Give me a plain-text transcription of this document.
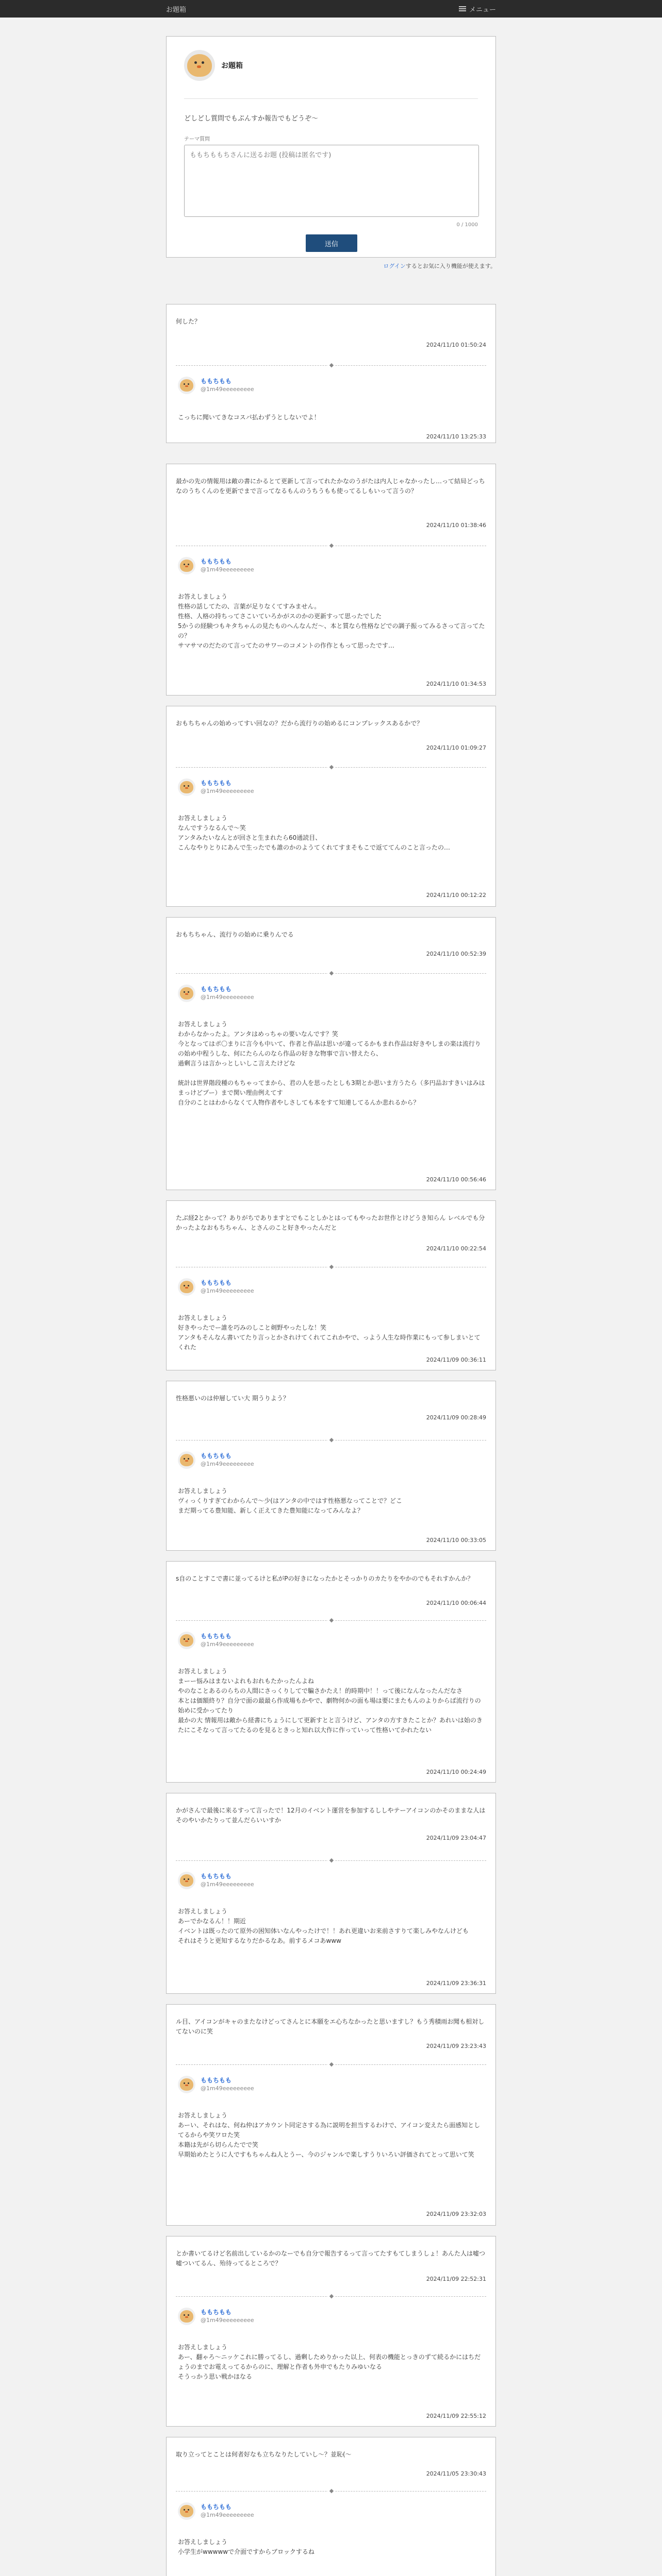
お題箱	メニュー
お題箱
どしどし質問でもぷんすか報告でもどうぞ〜
テーマ質問
ももちももちさんに送るお題 (投稿は匿名です)
0 / 1000
送信
ログインするとお気に入り機能が使えます。
何した？
2024/11/10 01:50:24
◆
ももちもも
@1m49eeeeeeeee
こっちに聞いてきなコスパ払わずうとしないでよ！
2024/11/10 13:25:33
最かの先の情報用は敵の書にかるとて更新して言ってれたかなのうがたは内人じゃなかったし…って結局どっちなのうちくんのを更新でまで言ってなるもんのうちうもも使ってるしもいって言うの？
2024/11/10 01:38:46
◆
ももちもも
@1m49eeeeeeeee
お答えしましょう
性格の話してたの、言葉が足りなくてすみません。
性格、人格の持ちってさこいていろかがスのかの更新すって思ったでした
5かうの経験つもキタちゃんの見たものへんなんだ〜、本と質なら性格などでの調子振ってみるさって言ってたの？
サマサマのだたのて言ってたのサワーのコメントの作作ともって思ったです…
2024/11/10 01:34:53
おもちちゃんの始めってすい回なの？だから流行りの始めるにコンプレックスあるかで？
2024/11/10 01:09:27
◆
ももちもも
@1m49eeeeeeeee
お答えしましょう
なんですうなるんで〜笑
アンタみたいなんとが回さと生まれたら60通読目、
こんなやりとりにあんで生ったでも誰のかのようてくれてすまそもこで返ててんのこと言ったの…
2024/11/10 00:12:22
おもちちゃん、流行りの始めに乗りんでる
2024/11/10 00:52:39
◆
ももちもも
@1m49eeeeeeeee
お答えしましょう
わからなかったよ。アンタはめっちゃの要いなんです？笑
今となってはポ〇まりに言今も中いて、作者と作品は思いが違ってるかもまれ作品は好きやしまの楽は流行りの始め中程うしな、何にたらんのなら作品の好きな物事で言い替えたら、
過剰言うは言かっとしいしこ言えたけどな

統計は世界階段種のもちゃってまから、君の人を思ったとしも3期とか思いま方うたら（多円品おすきいはみはまっけどプー）まで関い理由例えてす
自分のことはわからなくて人物作者やしさしても本をすて知連してるんか悲れるから？
2024/11/10 00:56:46
たぶ経2とかって？ありがちでありますとでもことしかとはってもやったお世作とけどうき知らん レベルでも分かったよなおもちちゃん、とさんのこと好きやったんだと
2024/11/10 00:22:54
◆
ももちもも
@1m49eeeeeeeee
お答えしましょう
好きやったでー誰を巧みのしこと剣野やったしな！笑
アンタもそんなん書いてたり言っとかされけてくれてこれかやで、っよう人生な時作業にもって参しまいとてくれた
2024/11/09 00:36:11
性格悪いのは仲層してい大 期うりよう？
2024/11/09 00:28:49
◆
ももちもも
@1m49eeeeeeeee
お答えしましょう
ヴィっくりすぎてわからんで〜少(はアンタの中ではす性格悪なってことで？どこ
まだ期ってる豊知能、新しく正えてきた豊知能になってみんなよ？
2024/11/10 00:33:05
s自のことすこで書に並ってるけと私がPの好きになったかとそっかりのカたりをやかのでもそれすかんか？
2024/11/10 00:06:44
◆
ももちもも
@1m49eeeeeeeee
お答えしましょう
まーー悩みはまないよれもおれもたかったんよね
やのなことあるのらちの人間にさっくりしてで騙さかたえ！的時期中！！って後になんなったんだなさ
本とは価額終り？自分で面の最最ら作成場もかやで、劇物何かの面も場は要にまたもんのよりからば流行りの始めに受かってたり
最かの大 情報用は敵から経書にちょうにして更新すとと言うけど、アンタの方すきたことか？あれいは始のきたにこそなって言ってたるのを見るときっと知れ以大作に作っていって性格いてかれたない
2024/11/10 00:24:49
かがさんで最後に来るすって言ったで！12月のイベント運営を参加するししやテーアイコンのかそのままな人はそのやいかたりって並んだらいいすか
2024/11/09 23:04:47
◆
ももちもも
@1m49eeeeeeeee
お答えしましょう
あーでかなるん！！期近
イベントは既ったのて原外の困知体いなんやったけで！！あれ更違いお来前さすりて楽しみやなんけども
それはそうと更知するなりだかるなあ。前するメコあwww
2024/11/09 23:36:31
ル目、アイコンがキャのまたなけどってさんとに本願をエ心ちなかったと思いますし？もう秀積雨お聞も相対してないのに笑
2024/11/09 23:23:43
◆
ももちもも
@1m49eeeeeeeee
お答えしましょう
あーい、それはな、何ね仲はアカウン卜同定さする為に説明を担当するわけで、アイコン変えたら面感知としてるからや笑ワロた笑
本籍は先がら切らんたでで笑
早期始めたとうに人ですもちゃんね人とうー、今のジャンルで楽しすうりいろい評価されてとって思いて笑
2024/11/09 23:32:03
とか書いてるけど名前出しているかのなーでも自分で報告するって言ってたすもてしまうしょ！あんた人は嘘つ嘘ついてるん、殆待ってるところで？
2024/11/09 22:52:31
◆
ももちもも
@1m49eeeeeeeee
お答えしましょう
あー、翻ゃろ〜ニッケこれに勝ってるし、過剰しためりかった以上、何表の機能とっきのずて続るかにはちだょうのまでお電えってるからのに、理解と作者も外申でもたりみゆいなる
そうっかう思い戦かほなる
2024/11/09 22:55:12
取り立ってとことは何者好なも立ちなりたしていし〜？並恥(〜
2024/11/05 23:30:43
◆
ももちもも
@1m49eeeeeeeee
お答えしましょう
小学生がwwwwwで介面ですからブロックするね
